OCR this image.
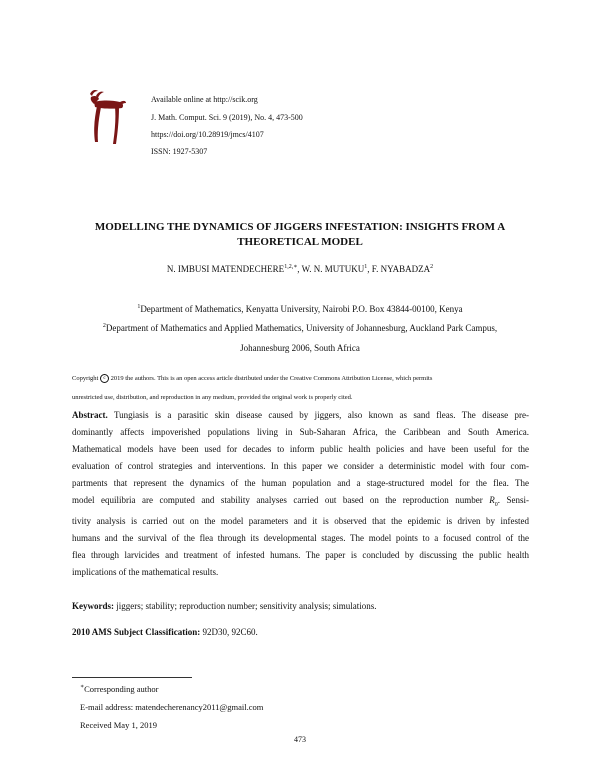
Available online at http://scik.org
J. Math. Comput. Sci. 9 (2019), No. 4, 473-500
https://doi.org/10.28919/jmcs/4107
ISSN: 1927-5307
MODELLING THE DYNAMICS OF JIGGERS INFESTATION: INSIGHTS FROM A
THEORETICAL MODEL
N. IMBUSI $MATENDECHERE^{1,2,∗}$, W. N. MUTUKU$^1$, F. NYABADZA$^2$
$^1$Department of Mathematics, Kenyatta University, Nairobi P.O. Box 43844-00100, Kenya
$^2$Department of Mathematics and Applied Mathematics, University of Johannesburg, Auckland Park Campus,
Johannesburg 2006, South Africa
Copyright c 2019 the authors. This is an open access article distributed under the Creative Commons Attribution License, which permits
unrestricted use, distribution, and reproduction in any medium, provided the original work is properly cited.
Abstract. Tungiasis is a parasitic skin disease caused by jiggers, also known as sand fleas. The disease pre-
dominantly affects impoverished populations living in Sub-Saharan Africa, the Caribbean and South America.
Mathematical models have been used for decades to inform public health policies and have been useful for the
evaluation of control strategies and interventions. In this paper we consider a deterministic model with four com-
partments that represent the dynamics of the human population and a stage-structured model for the flea. The
model equilibria are computed and stability analyses carried out based on the reproduction number $R_0$. Sensi-
tivity analysis is carried out on the model parameters and it is observed that the epidemic is driven by infested
humans and the survival of the flea through its developmental stages. The model points to a focused control of the
flea through larvicides and treatment of infested humans. The paper is concluded by discussing the public health
implications of the mathematical results.
Keywords: jiggers; stability; reproduction number; sensitivity analysis; simulations.
2010 AMS Subject Classification: 92D30, 92C60.
∗Corresponding author
E-mail address: matendecherenancy2011@gmail.com
Received May 1, 2019
473
